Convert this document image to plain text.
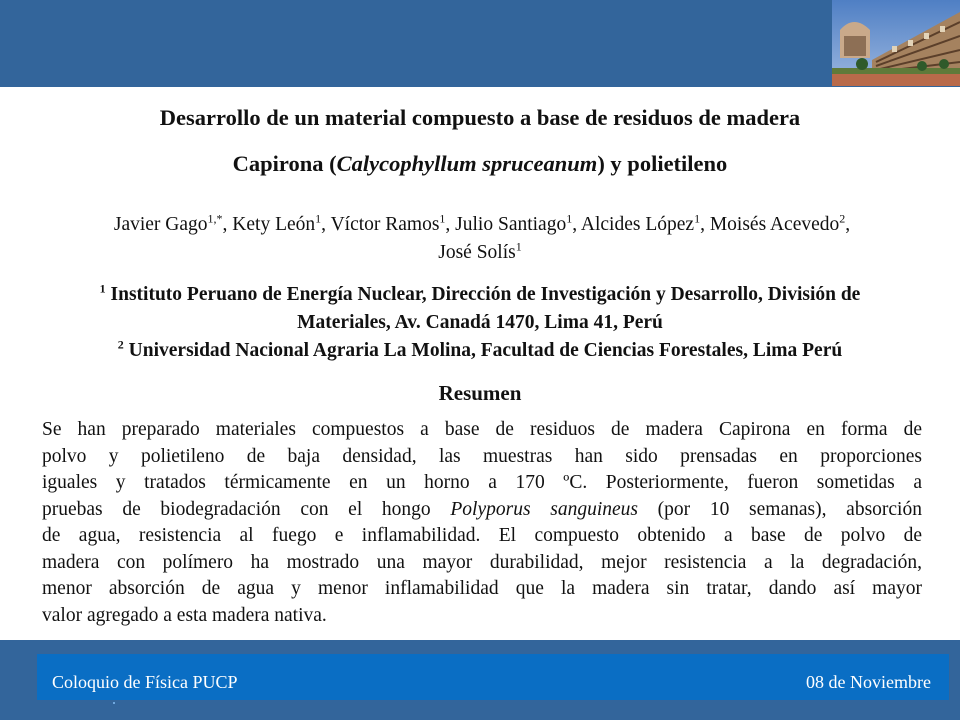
Desarrollo de un material compuesto a base de residuos de madera
Capirona (Calycophyllum spruceanum) y polietileno
Javier Gago$^{1,*}$, Kety León$^1$, Víctor Ramos$^1$, Julio Santiago$^1$, Alcides López$^1$, Moisés Acevedo$^2$,
José Solís$^1$
$^1$ Instituto Peruano de Energía Nuclear, Dirección de Investigación y Desarrollo, División de
Materiales, Av. Canadá 1470, Lima 41, Perú
$^2$ Universidad Nacional Agraria La Molina, Facultad de Ciencias Forestales, Lima Perú
Resumen
Se han preparado materiales compuestos a base de residuos de madera Capirona en forma de
polvo y polietileno de baja densidad, las muestras han sido prensadas en proporciones
iguales y tratados térmicamente en un horno a 170 ºC. Posteriormente, fueron sometidas a
pruebas de biodegradación con el hongo Polyporus sanguineus (por 10 semanas), absorción
de agua, resistencia al fuego e inflamabilidad. El compuesto obtenido a base de polvo de
madera con polímero ha mostrado una mayor durabilidad, mejor resistencia a la degradación,
menor absorción de agua y menor inflamabilidad que la madera sin tratar, dando así mayor
valor agregado a esta madera nativa.
Coloquio de Física PUCP	08 de Noviembre
